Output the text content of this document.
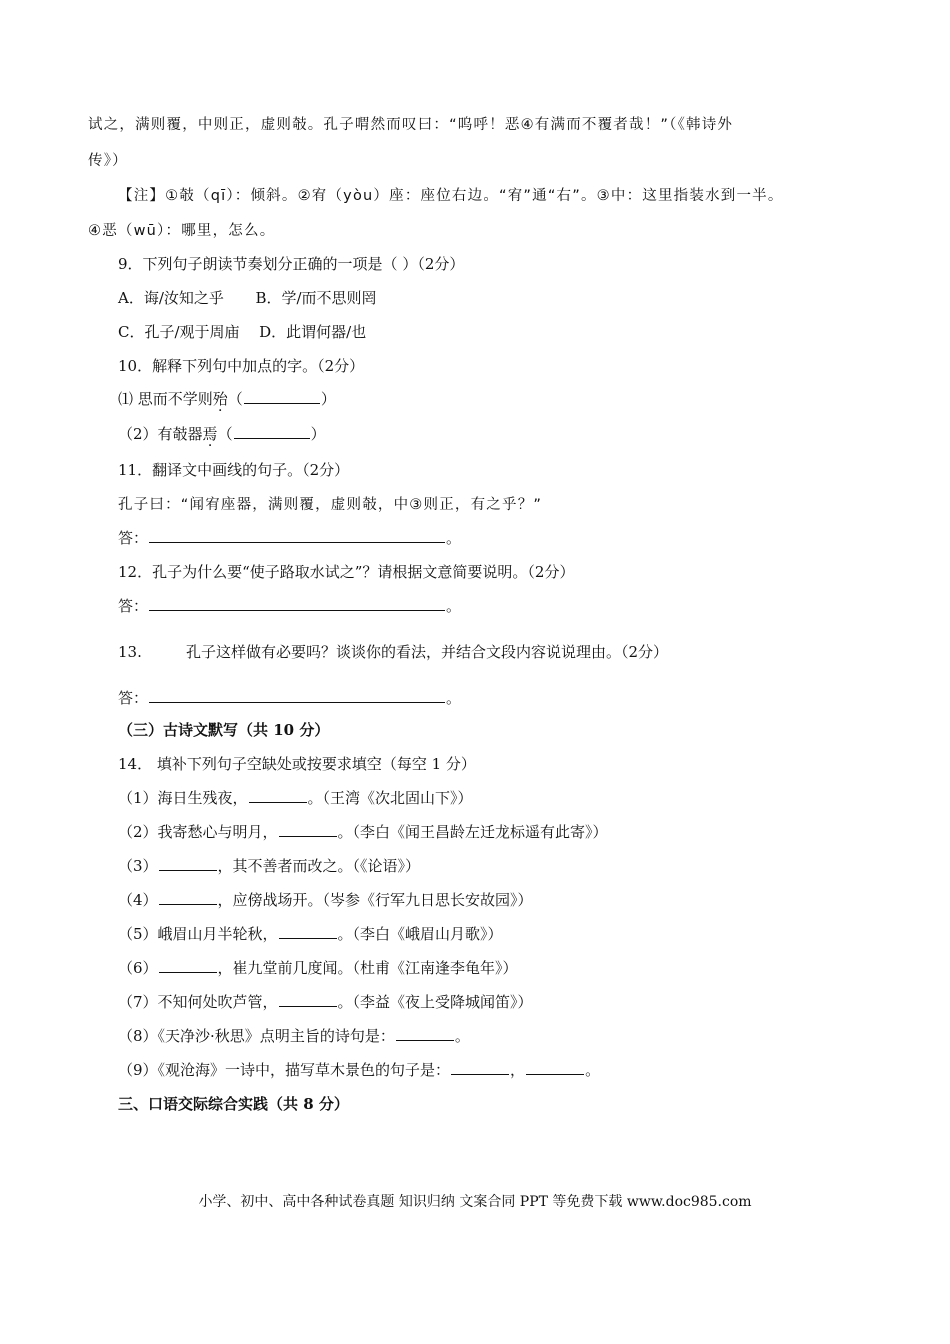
试之，满则覆，中则正，虚则攲。孔子喟然而叹曰：“呜呼！恶④有满而不覆者哉！”（《韩诗外
传》）
【注】①攲（qī）：倾斜。②宥（yòu）座：座位右边。“宥”通“右”。③中：这里指装水到一半。
④恶（wū）：哪里，怎么。
9．下列句子朗读节奏划分正确的一项是（ ）（2分）
A．诲/汝知之乎 B．学/而不思则罔
C．孔子/观于周庙 D．此谓何器/也
10．解释下列句中加点的字。（2分）
⑴ 思而不学则殆（	）
（2）有攲器焉（	）
11．翻译文中画线的句子。（2分）
孔子曰：“闻宥座器，满则覆，虚则攲，中③则正，有之乎？”
答：	。
12．孔子为什么要“使子路取水试之”？请根据文意简要说明。（2分）
答：	。
13.	孔子这样做有必要吗？谈谈你的看法，并结合文段内容说说理由。（2分）
答：	。
（三）古诗文默写（共 10 分）
14． 填补下列句子空缺处或按要求填空（每空 1 分）
（1）海日生残夜，	。（王湾《次北固山下》）
（2）我寄愁心与明月，	。（李白《闻王昌龄左迁龙标遥有此寄》）
（3）	，其不善者而改之。（《论语》）
（4）	，应傍战场开。（岑参《行军九日思长安故园》）
（5）峨眉山月半轮秋，	。（李白《峨眉山月歌》）
（6）	，崔九堂前几度闻。（杜甫《江南逢李龟年》）
（7）不知何处吹芦管，	。（李益《夜上受降城闻笛》）
（8）《天净沙·秋思》点明主旨的诗句是：	。
（9）《观沧海》一诗中，描写草木景色的句子是：	，	。
三、口语交际综合实践（共 8 分）
小学、初中、高中各种试卷真题 知识归纳 文案合同 PPT 等免费下载 www.doc985.com
